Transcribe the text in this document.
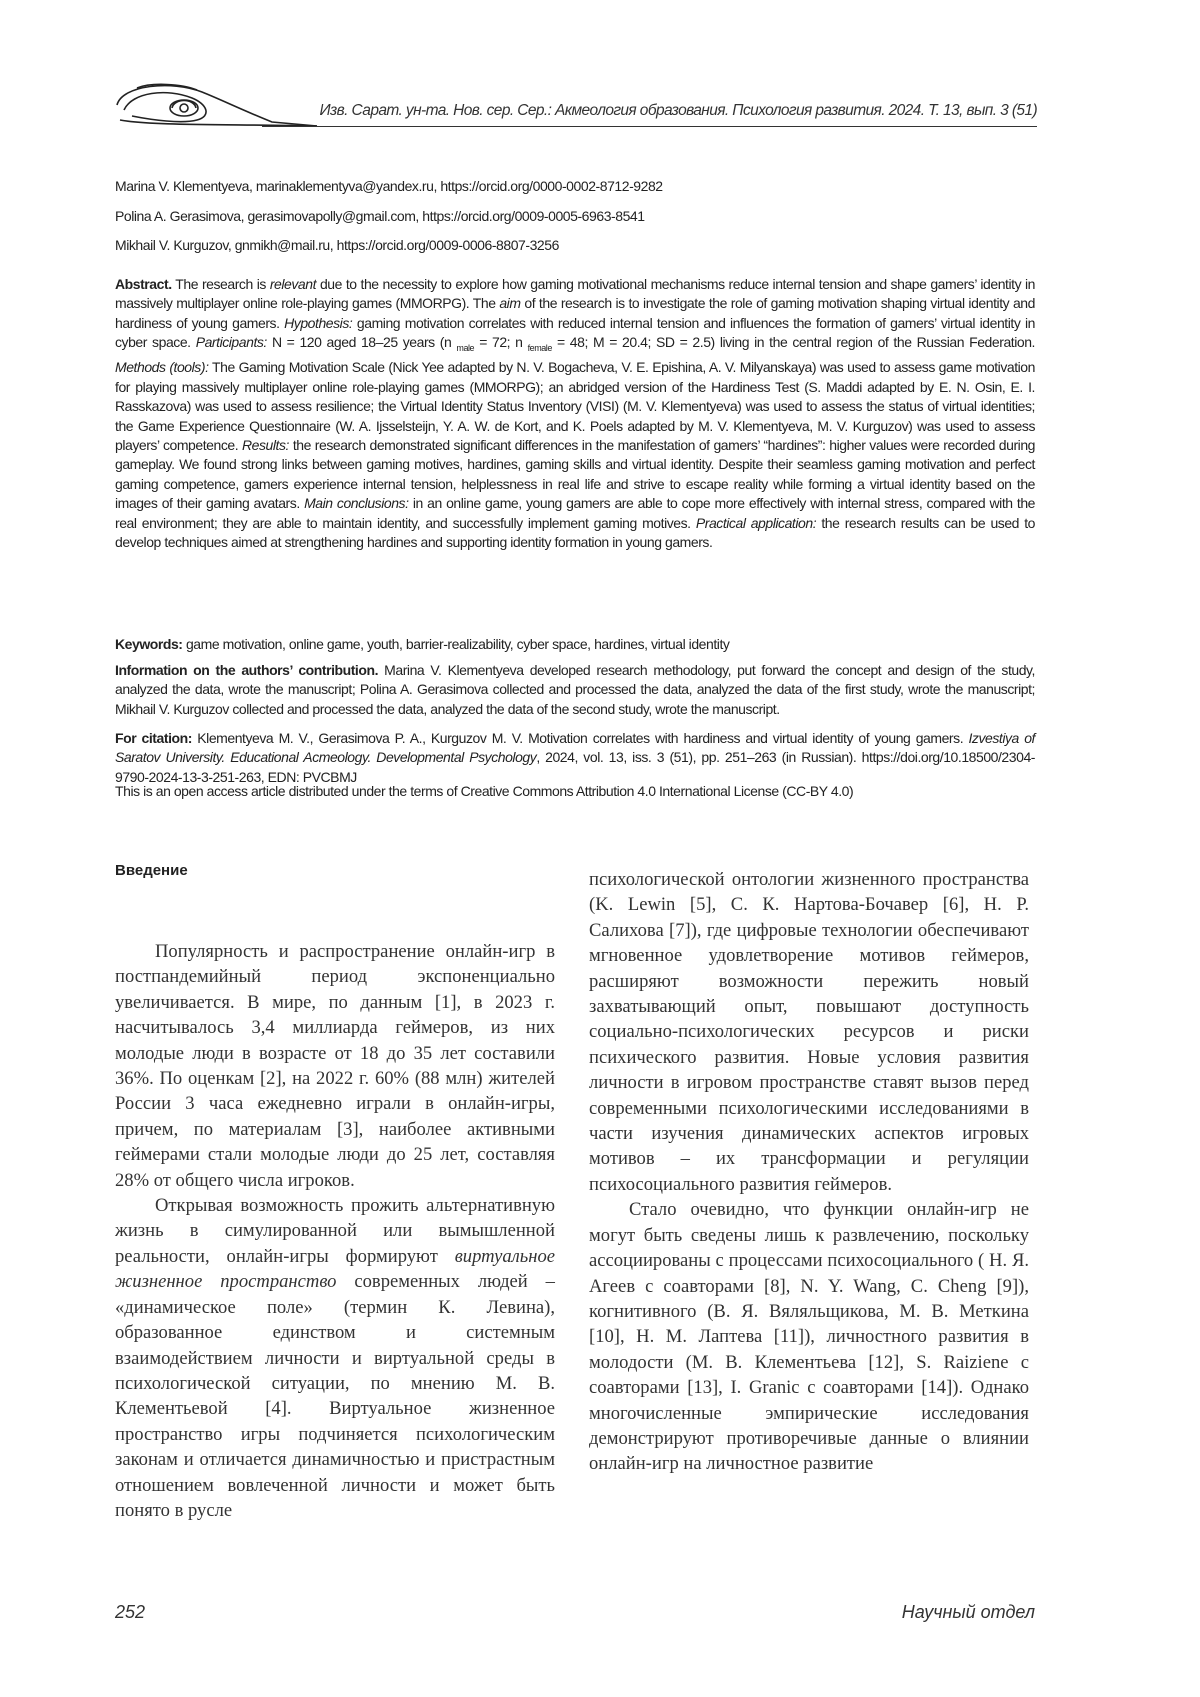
Изв. Сарат. ун-та. Нов. сер. Сер.: Акмеология образования. Психология развития. 2024. Т. 13, вып. 3 (51)
Marina V. Klementyeva, marinaklementyva@yandex.ru, https://orcid.org/0000-0002-8712-9282
Polina A. Gerasimova, gerasimovapolly@gmail.com, https://orcid.org/0009-0005-6963-8541
Mikhail V. Kurguzov, gnmikh@mail.ru, https://orcid.org/0009-0006-8807-3256
Abstract. The research is relevant due to the necessity to explore how gaming motivational mechanisms reduce internal tension and shape gamers’ identity in massively multiplayer online role-playing games (MMORPG). The aim of the research is to investigate the role of gaming motivation shaping virtual identity and hardiness of young gamers. Hypothesis: gaming motivation correlates with reduced internal tension and influences the formation of gamers’ virtual identity in cyber space. Participants: N = 120 aged 18–25 years (n $_{male}$ = 72; n $_{female}$ = 48; M = 20.4; SD = 2.5) living in the central region of the Russian Federation. Methods (tools): The Gaming Motivation Scale (Nick Yee adapted by N. V. Bogacheva, V. E. Epishina, A. V. Milyanskaya) was used to assess game motivation for playing massively multiplayer online role-playing games (MMORPG); an abridged version of the Hardiness Test (S. Maddi adapted by E. N. Osin, E. I. Rasskazova) was used to assess resilience; the Virtual Identity Status Inventory (VISI) (M. V. Klementyeva) was used to assess the status of virtual identities; the Game Experience Questionnaire (W. A. Ijsselsteijn, Y. A. W. de Kort, and K. Poels adapted by M. V. Klementyeva, M. V. Kurguzov) was used to assess players’ competence. Results: the research demonstrated significant differences in the manifestation of gamers’ “hardines”: higher values were recorded during gameplay. We found strong links between gaming motives, hardines, gaming skills and virtual identity. Despite their seamless gaming motivation and perfect gaming competence, gamers experience internal tension, helplessness in real life and strive to escape reality while forming a virtual identity based on the images of their gaming avatars. Main conclusions: in an online game, young gamers are able to cope more effectively with internal stress, compared with the real environment; they are able to maintain identity, and successfully implement gaming motives. Practical application: the research results can be used to develop techniques aimed at strengthening hardines and supporting identity formation in young gamers.
Keywords: game motivation, online game, youth, barrier-realizability, cyber space, hardines, virtual identity
Information on the authors’ contribution. Marina V. Klementyeva developed research methodology, put forward the concept and design of the study, analyzed the data, wrote the manuscript; Polina A. Gerasimova collected and processed the data, analyzed the data of the first study, wrote the manuscript; Mikhail V. Kurguzov collected and processed the data, analyzed the data of the second study, wrote the manuscript.
For citation: Klementyeva M. V., Gerasimova P. A., Kurguzov M. V. Motivation correlates with hardiness and virtual identity of young gamers. Izvestiya of Saratov University. Educational Acmeology. Developmental Psychology, 2024, vol. 13, iss. 3 (51), pp. 251–263 (in Russian). https://doi.org/10.18500/2304-9790-2024-13-3-251-263, EDN: PVCBMJ
This is an open access article distributed under the terms of Creative Commons Attribution 4.0 International License (CC-BY 4.0)
Введение

Популярность и распространение онлайн-игр в постпандемийный период экспоненциально увеличивается. В мире, по данным [1], в 2023 г. насчитывалось 3,4 миллиарда геймеров, из них молодые люди в возрасте от 18 до 35 лет составили 36%. По оценкам [2], на 2022 г. 60% (88 млн) жителей России 3 часа ежедневно играли в онлайн-игры, причем, по материалам [3], наиболее активными геймерами стали молодые люди до 25 лет, составляя 28% от общего числа игроков.

Открывая возможность прожить альтернативную жизнь в симулированной или вымышленной реальности, онлайн-игры формируют виртуальное жизненное пространство современных людей – «динамическое поле» (термин К. Левина), образованное единством и системным взаимодействием личности и виртуальной среды в психологической ситуации, по мнению М. В. Клементьевой [4]. Виртуальное жизненное пространство игры подчиняется психологическим законам и отличается динамичностью и пристрастным отношением вовлеченной личности и может быть понято в русле

психологической онтологии жизненного пространства (K. Lewin [5], С. К. Нартова-Бочавер [6], Н. Р. Салихова [7]), где цифровые технологии обеспечивают мгновенное удовлетворение мотивов геймеров, расширяют возможности пережить новый захватывающий опыт, повышают доступность социально-психологических ресурсов и риски психического развития. Новые условия развития личности в игровом пространстве ставят вызов перед современными психологическими исследованиями в части изучения динамических аспектов игровых мотивов – их трансформации и регуляции психосоциального развития геймеров.

Стало очевидно, что функции онлайн-игр не могут быть сведены лишь к развлечению, поскольку ассоциированы с процессами психосоциального ( Н. Я. Агеев с соавторами [8], N. Y. Wang, C. Cheng [9]), когнитивного (В. Я. Вяляльщикова, М. В. Меткина [10], Н. М. Лаптева [11]), личностного развития в молодости (М. В. Клементьева [12], S. Raiziene с соавторами [13], I. Granic с соавторами [14]). Однако многочисленные эмпирические исследования демонстрируют противоречивые данные о влиянии онлайн-игр на личностное развитие

252	Научный отдел
